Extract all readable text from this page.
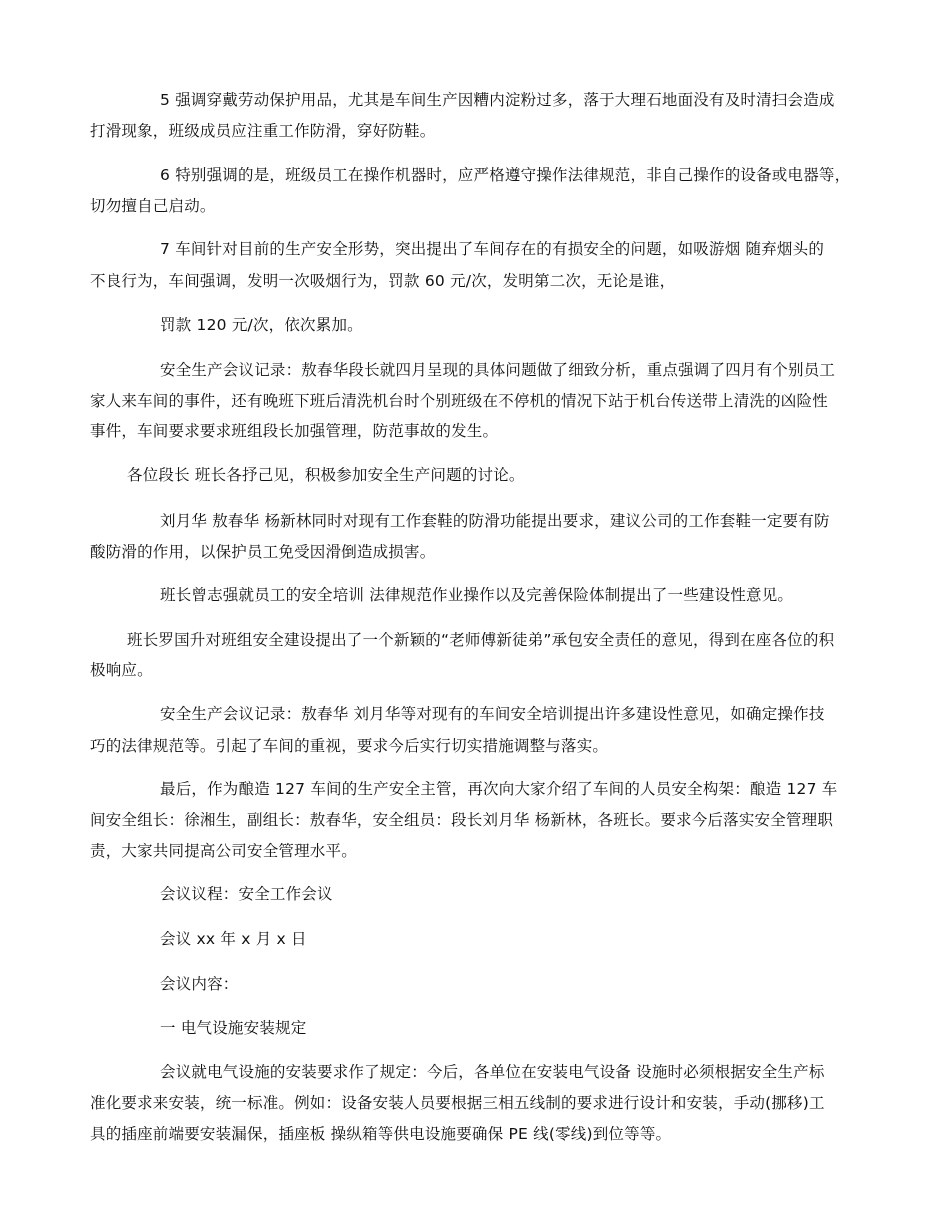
5 强调穿戴劳动保护用品，尤其是车间生产因糟内淀粉过多，落于大理石地面没有及时清扫会造成
打滑现象，班级成员应注重工作防滑，穿好防鞋。
6 特别强调的是，班级员工在操作机器时，应严格遵守操作法律规范，非自己操作的设备或电器等，
切勿擅自己启动。
7 车间针对目前的生产安全形势，突出提出了车间存在的有损安全的问题，如吸游烟 随弃烟头的
不良行为，车间强调，发明一次吸烟行为，罚款 60 元/次，发明第二次，无论是谁，
罚款 120 元/次，依次累加。
安全生产会议记录：敖春华段长就四月呈现的具体问题做了细致分析，重点强调了四月有个别员工
家人来车间的事件，还有晚班下班后清洗机台时个别班级在不停机的情况下站于机台传送带上清洗的凶险性
事件，车间要求要求班组段长加强管理，防范事故的发生。
各位段长 班长各抒己见，积极参加安全生产问题的讨论。
刘月华 敖春华 杨新林同时对现有工作套鞋的防滑功能提出要求，建议公司的工作套鞋一定要有防
酸防滑的作用，以保护员工免受因滑倒造成损害。
班长曾志强就员工的安全培训 法律规范作业操作以及完善保险体制提出了一些建设性意见。
班长罗国升对班组安全建设提出了一个新颖的“老师傅新徒弟”承包安全责任的意见，得到在座各位的积
极响应。
安全生产会议记录：敖春华 刘月华等对现有的车间安全培训提出许多建设性意见，如确定操作技
巧的法律规范等。引起了车间的重视，要求今后实行切实措施调整与落实。
最后，作为酿造 127 车间的生产安全主管，再次向大家介绍了车间的人员安全构架：酿造 127 车
间安全组长：徐湘生，副组长：敖春华，安全组员：段长刘月华 杨新林，各班长。要求今后落实安全管理职
责，大家共同提高公司安全管理水平。
会议议程：安全工作会议
会议 xx 年 x 月 x 日
会议内容：
一 电气设施安装规定
会议就电气设施的安装要求作了规定：今后，各单位在安装电气设备 设施时必须根据安全生产标
准化要求来安装，统一标准。例如：设备安装人员要根据三相五线制的要求进行设计和安装，手动(挪移)工
具的插座前端要安装漏保，插座板 操纵箱等供电设施要确保 PE 线(零线)到位等等。
